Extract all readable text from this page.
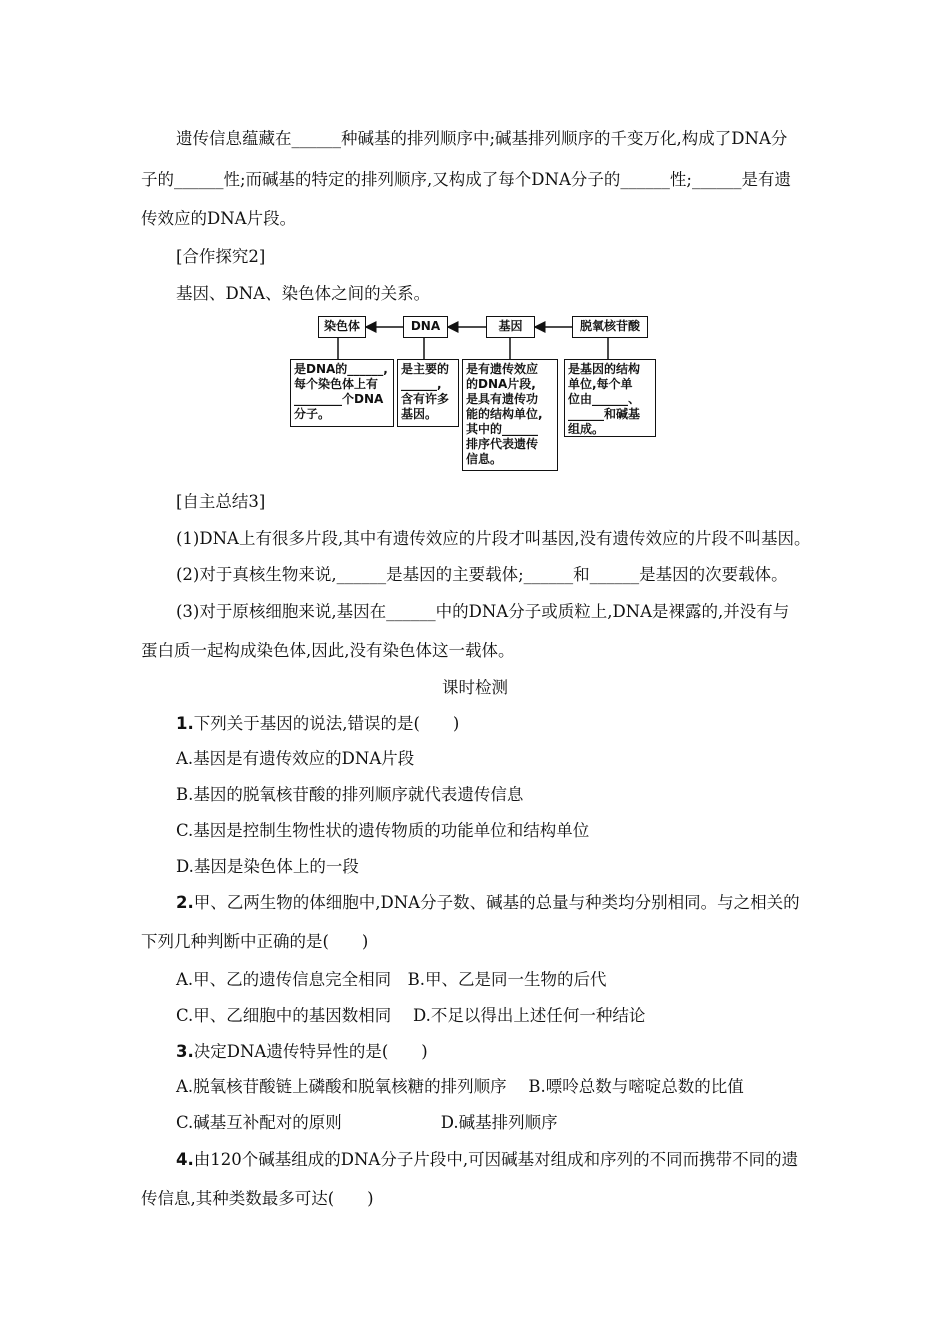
遗传信息蕴藏在______种碱基的排列顺序中;碱基排列顺序的千变万化,构成了DNA分
子的______性;而碱基的特定的排列顺序,又构成了每个DNA分子的______性;______是有遗
传效应的DNA片段。
[合作探究2]
基因、DNA、染色体之间的关系。
染色体	DNA	基因	脱氧核苷酸
是DNA的______,
每个染色体上有
________个DNA
分子。
是主要的
______,
含有许多
基因。
是有遗传效应
的DNA片段,
是具有遗传功
能的结构单位,
其中的______
排序代表遗传
信息。
是基因的结构
单位,每个单
位由______、
______和碱基
组成。
[自主总结3]
(1)DNA上有很多片段,其中有遗传效应的片段才叫基因,没有遗传效应的片段不叫基因。
(2)对于真核生物来说,______是基因的主要载体;______和______是基因的次要载体。
(3)对于原核细胞来说,基因在______中的DNA分子或质粒上,DNA是裸露的,并没有与
蛋白质一起构成染色体,因此,没有染色体这一载体。
课时检测
1.下列关于基因的说法,错误的是(　　)
A.基因是有遗传效应的DNA片段
B.基因的脱氧核苷酸的排列顺序就代表遗传信息
C.基因是控制生物性状的遗传物质的功能单位和结构单位
D.基因是染色体上的一段
2.甲、乙两生物的体细胞中,DNA分子数、碱基的总量与种类均分别相同。与之相关的
下列几种判断中正确的是(　　)
A.甲、乙的遗传信息完全相同　B.甲、乙是同一生物的后代
C.甲、乙细胞中的基因数相同　 D.不足以得出上述任何一种结论
3.决定DNA遗传特异性的是(　　)
A.脱氧核苷酸链上磷酸和脱氧核糖的排列顺序　 B.嘌呤总数与嘧啶总数的比值
C.碱基互补配对的原则　　　　　　D.碱基排列顺序
4.由120个碱基组成的DNA分子片段中,可因碱基对组成和序列的不同而携带不同的遗
传信息,其种类数最多可达(　　)
